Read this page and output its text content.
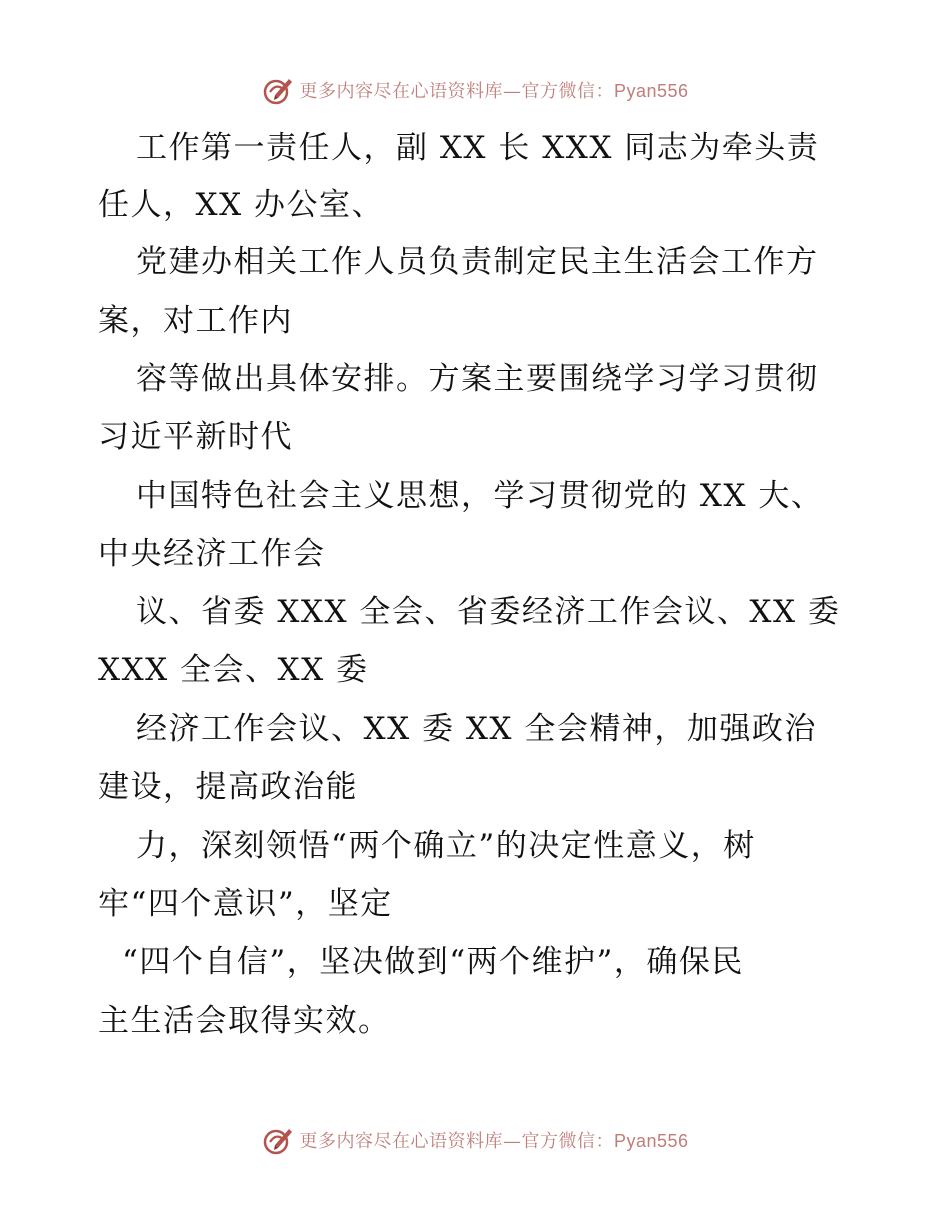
更多内容尽在心语资料库—官方微信：Pyan556
工作第一责任人，副 XX 长 XXX 同志为牵头责
任人，XX 办公室、
党建办相关工作人员负责制定民主生活会工作方
案，对工作内
容等做出具体安排。方案主要围绕学习学习贯彻
习近平新时代
中国特色社会主义思想，学习贯彻党的 XX 大、
中央经济工作会
议、省委 XXX 全会、省委经济工作会议、XX 委
XXX 全会、XX 委
经济工作会议、XX 委 XX 全会精神，加强政治
建设，提高政治能
力，深刻领悟“两个确立”的决定性意义，树
牢“四个意识”，坚定
“四个自信”，坚决做到“两个维护”，确保民
主生活会取得实效。
更多内容尽在心语资料库—官方微信：Pyan556
